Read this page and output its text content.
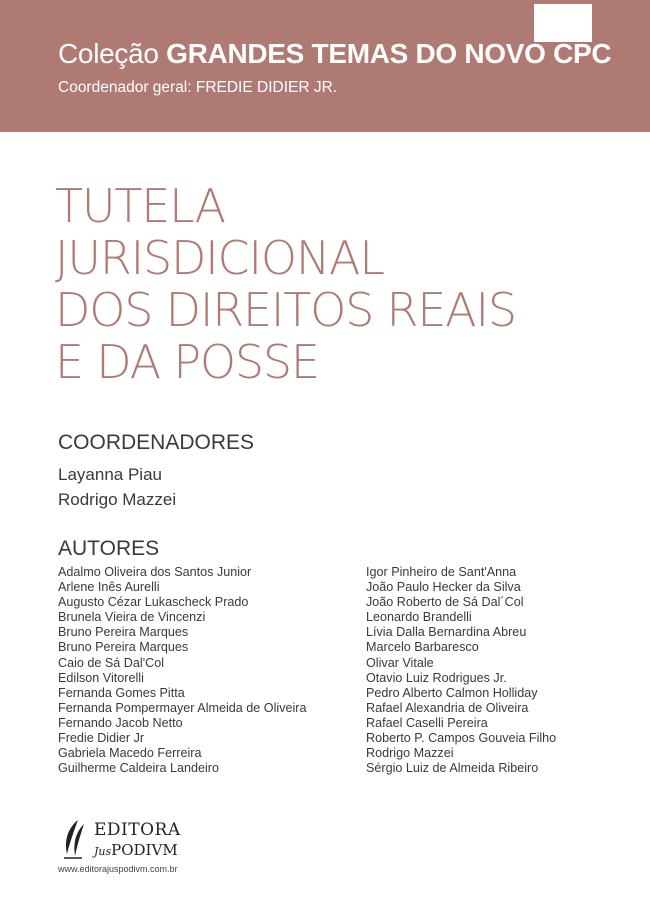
Coleção GRANDES TEMAS DO NOVO CPC
Coordenador geral: FREDIE DIDIER JR.
TUTELA
JURISDICIONAL
DOS DIREITOS REAIS
E DA POSSE
COORDENADORES
Layanna Piau
Rodrigo Mazzei
AUTORES
Adalmo Oliveira dos Santos Junior
Arlene Inês Aurelli
Augusto Cézar Lukascheck Prado
Brunela Vieira de Vincenzi
Bruno Pereira Marques
Bruno Pereira Marques
Caio de Sá Dal'Col
Edilson Vitorelli
Fernanda Gomes Pitta
Fernanda Pompermayer Almeida de Oliveira
Fernando Jacob Netto
Fredie Didier Jr
Gabriela Macedo Ferreira
Guilherme Caldeira Landeiro
Igor Pinheiro de Sant'Anna
João Paulo Hecker da Silva
João Roberto de Sá Dal´Col
Leonardo Brandelli
Lívia Dalla Bernardina Abreu
Marcelo Barbaresco
Olivar Vitale
Otavio Luiz Rodrigues Jr.
Pedro Alberto Calmon Holliday
Rafael Alexandria de Oliveira
Rafael Caselli Pereira
Roberto P. Campos Gouveia Filho
Rodrigo Mazzei
Sérgio Luiz de Almeida Ribeiro
EDITORA
JusPODIVM
www.editorajuspodivm.com.br
